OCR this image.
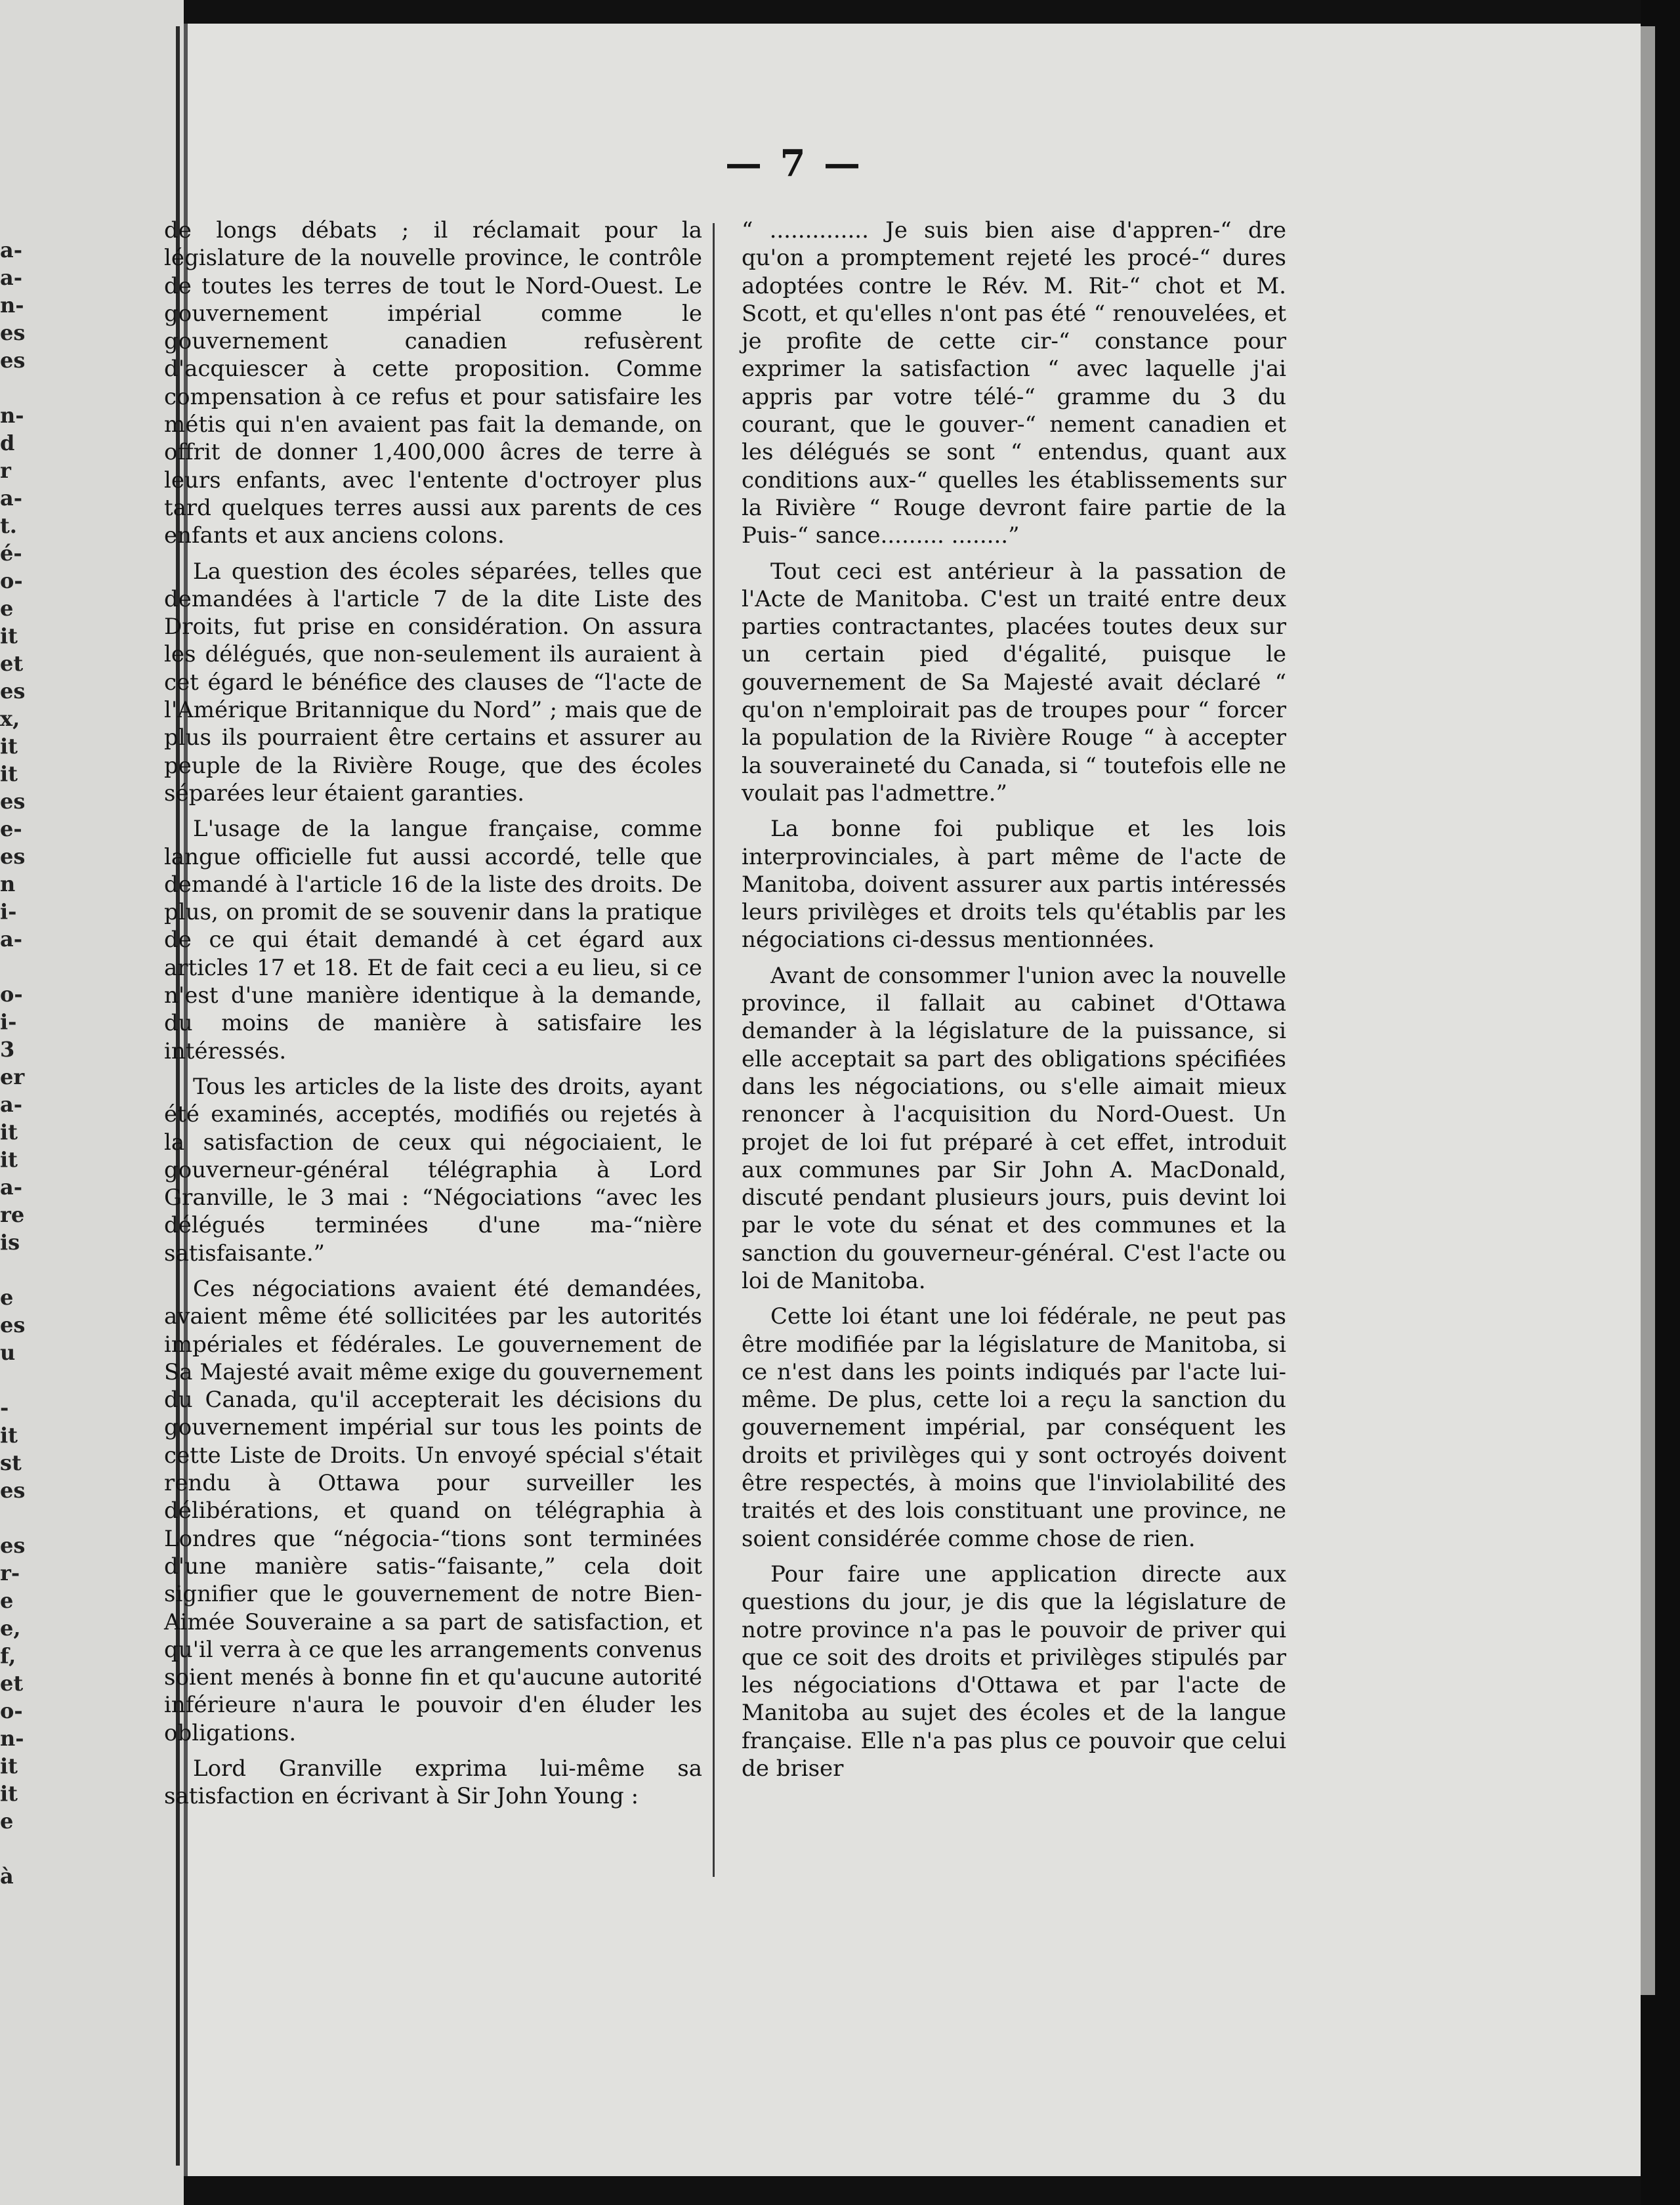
a-
a-
n-
es
es

n-
d
r
a-
t.
é-
o-
e
it
et
es
x,
it
it
es
e-
es
n
i-
a-

o-
i-
3
er
a-
it
it
a-
re
is

e
es
u

-
it
st
es

es
r-
e
e,
f,
et
o-
n-
it
it
e

à
— 7 —

de longs débats ; il réclamait pour la législature de la nouvelle province, le contrôle de toutes les terres de tout le Nord-Ouest. Le gouvernement impérial comme le gouvernement canadien refusèrent d'acquiescer à cette proposition. Comme compensation à ce refus et pour satisfaire les métis qui n'en avaient pas fait la demande, on offrit de donner 1,400,000 âcres de terre à leurs enfants, avec l'entente d'octroyer plus tard quelques terres aussi aux parents de ces enfants et aux anciens colons.

La question des écoles séparées, telles que demandées à l'article 7 de la dite Liste des Droits, fut prise en considération. On assura les délégués, que non-seulement ils auraient à cet égard le bénéfice des clauses de “l'acte de l'Amérique Britannique du Nord” ; mais que de plus ils pourraient être certains et assurer au peuple de la Rivière Rouge, que des écoles séparées leur étaient garanties.

L'usage de la langue française, comme langue officielle fut aussi accordé, telle que demandé à l'article 16 de la liste des droits. De plus, on promit de se souvenir dans la pratique de ce qui était demandé à cet égard aux articles 17 et 18. Et de fait ceci a eu lieu, si ce n'est d'une manière identique à la demande, du moins de manière à satisfaire les intéressés.

Tous les articles de la liste des droits, ayant été examinés, acceptés, modifiés ou rejetés à la satisfaction de ceux qui négociaient, le gouverneur-général télégraphia à Lord Granville, le 3 mai : “Négociations “avec les délégués terminées d'une ma-“nière satisfaisante.”

Ces négociations avaient été demandées, avaient même été sollicitées par les autorités impériales et fédérales. Le gouvernement de Sa Majesté avait même exige du gouvernement du Canada, qu'il accepterait les décisions du gouvernement impérial sur tous les points de cette Liste de Droits. Un envoyé spécial s'était rendu à Ottawa pour surveiller les délibérations, et quand on télégraphia à Londres que “négocia-“tions sont terminées d'une manière satis-“faisante,” cela doit signifier que le gouvernement de notre Bien-Aimée Souveraine a sa part de satisfaction, et qu'il verra à ce que les arrangements convenus soient menés à bonne fin et qu'aucune autorité inférieure n'aura le pouvoir d'en éluder les obligations.

Lord Granville exprima lui-même sa satisfaction en écrivant à Sir John Young :

“ .............. Je suis bien aise d'appren-“ dre qu'on a promptement rejeté les procé-“ dures adoptées contre le Rév. M. Rit-“ chot et M. Scott, et qu'elles n'ont pas été “ renouvelées, et je profite de cette cir-“ constance pour exprimer la satisfaction “ avec laquelle j'ai appris par votre télé-“ gramme du 3 du courant, que le gouver-“ nement canadien et les délégués se sont “ entendus, quant aux conditions aux-“ quelles les établissements sur la Rivière “ Rouge devront faire partie de la Puis-“ sance......... ........”

Tout ceci est antérieur à la passation de l'Acte de Manitoba. C'est un traité entre deux parties contractantes, placées toutes deux sur un certain pied d'égalité, puisque le gouvernement de Sa Majesté avait déclaré “ qu'on n'emploirait pas de troupes pour “ forcer la population de la Rivière Rouge “ à accepter la souveraineté du Canada, si “ toutefois elle ne voulait pas l'admettre.”

La bonne foi publique et les lois interprovinciales, à part même de l'acte de Manitoba, doivent assurer aux partis intéressés leurs privilèges et droits tels qu'établis par les négociations ci-dessus mentionnées.

Avant de consommer l'union avec la nouvelle province, il fallait au cabinet d'Ottawa demander à la législature de la puissance, si elle acceptait sa part des obligations spécifiées dans les négociations, ou s'elle aimait mieux renoncer à l'acquisition du Nord-Ouest. Un projet de loi fut préparé à cet effet, introduit aux communes par Sir John A. MacDonald, discuté pendant plusieurs jours, puis devint loi par le vote du sénat et des communes et la sanction du gouverneur-général. C'est l'acte ou loi de Manitoba.

Cette loi étant une loi fédérale, ne peut pas être modifiée par la législature de Manitoba, si ce n'est dans les points indiqués par l'acte lui-même. De plus, cette loi a reçu la sanction du gouvernement impérial, par conséquent les droits et privilèges qui y sont octroyés doivent être respectés, à moins que l'inviolabilité des traités et des lois constituant une province, ne soient considérée comme chose de rien.

Pour faire une application directe aux questions du jour, je dis que la législature de notre province n'a pas le pouvoir de priver qui que ce soit des droits et privilèges stipulés par les négociations d'Ottawa et par l'acte de Manitoba au sujet des écoles et de la langue française. Elle n'a pas plus ce pouvoir que celui de briser
